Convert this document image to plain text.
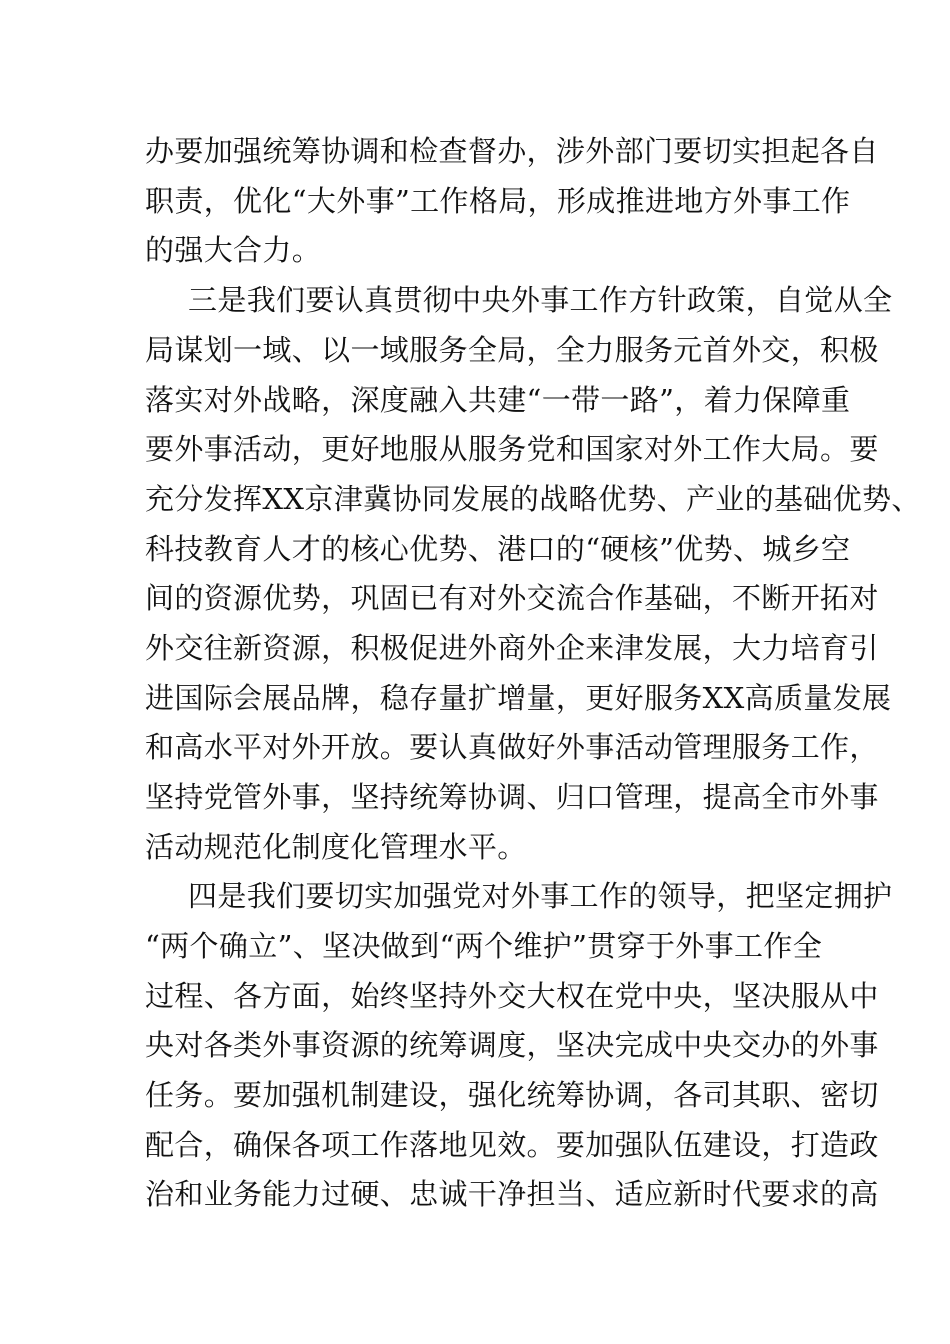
办要加强统筹协调和检查督办，涉外部门要切实担起各自
职责，优化“大外事”工作格局，形成推进地方外事工作
的强大合力。
三是我们要认真贯彻中央外事工作方针政策，自觉从全
局谋划一域、以一域服务全局，全力服务元首外交，积极
落实对外战略，深度融入共建“一带一路”，着力保障重
要外事活动，更好地服从服务党和国家对外工作大局。要
充分发挥XX京津冀协同发展的战略优势、产业的基础优势、
科技教育人才的核心优势、港口的“硬核”优势、城乡空
间的资源优势，巩固已有对外交流合作基础，不断开拓对
外交往新资源，积极促进外商外企来津发展，大力培育引
进国际会展品牌，稳存量扩增量，更好服务XX高质量发展
和高水平对外开放。要认真做好外事活动管理服务工作，
坚持党管外事，坚持统筹协调、归口管理，提高全市外事
活动规范化制度化管理水平。
四是我们要切实加强党对外事工作的领导，把坚定拥护
“两个确立”、坚决做到“两个维护”贯穿于外事工作全
过程、各方面，始终坚持外交大权在党中央，坚决服从中
央对各类外事资源的统筹调度，坚决完成中央交办的外事
任务。要加强机制建设，强化统筹协调，各司其职、密切
配合，确保各项工作落地见效。要加强队伍建设，打造政
治和业务能力过硬、忠诚干净担当、适应新时代要求的高
